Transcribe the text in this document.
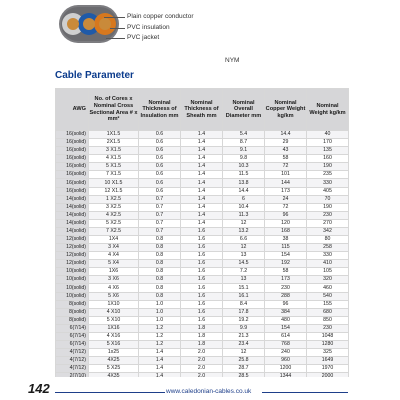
Plain copper conductor
PVC insulation
PVC jacket
NYM
Cable Parameter
AWG	No. of Cores x Nominal Cross Sectional Area # x mm²	Nominal Thickness of Insulation mm	Nominal Thickness of Sheath mm	Nominal Overall Diameter mm	Nominal Copper Weight kg/km	Nominal Weight kg/km
16(solid)	1X1.5	0.6	1.4	5.4	14.4	40
16(solid)	2X1.5	0.6	1.4	8.7	29	170
16(solid)	3 X1.5	0.6	1.4	9.1	43	135
16(solid)	4 X1.5	0.6	1.4	9.8	58	160
16(solid)	5 X1.5	0.6	1.4	10.3	72	190
16(solid)	7 X1.5	0.6	1.4	11.5	101	235
16(solid)	10 X1.5	0.6	1.4	13.8	144	330
16(solid)	12 X1.5	0.6	1.4	14.4	173	405
14(solid)	1 X2.5	0.7	1.4	6	24	70
14(solid)	3 X2.5	0.7	1.4	10.4	72	190
14(solid)	4 X2.5	0.7	1.4	11.3	96	230
14(solid)	5 X2.5	0.7	1.4	12	120	270
14(solid)	7 X2.5	0.7	1.6	13.2	168	342
12(solid)	1X4	0.8	1.6	6.6	38	80
12(solid)	3 X4	0.8	1.6	12	115	258
12(solid)	4 X4	0.8	1.6	13	154	330
12(solid)	5 X4	0.8	1.6	14.5	192	410
10(solid)	1X6	0.8	1.6	7.2	58	105
10(solid)	3 X6	0.8	1.6	13	173	320
10(solid)	4 X6	0.8	1.6	15.1	230	460
10(solid)	5 X6	0.8	1.6	16.1	288	540
8(solid)	1X10	1.0	1.6	8.4	96	155
8(solid)	4 X10	1.0	1.6	17.8	384	680
8(solid)	5 X10	1.0	1.6	19.2	480	850
6(7/14)	1X16	1.2	1.8	9.9	154	230
6(7/14)	4 X16	1.2	1.8	21.3	614	1048
6(7/14)	5 X16	1.2	1.8	23.4	768	1280
4(7/12)	1x25	1.4	2.0	12	240	325
4(7/12)	4X25	1.4	2.0	25.8	960	1649
4(7/12)	5 X25	1.4	2.0	28.7	1200	1970

142	www.caledonian-cables.co.uk
